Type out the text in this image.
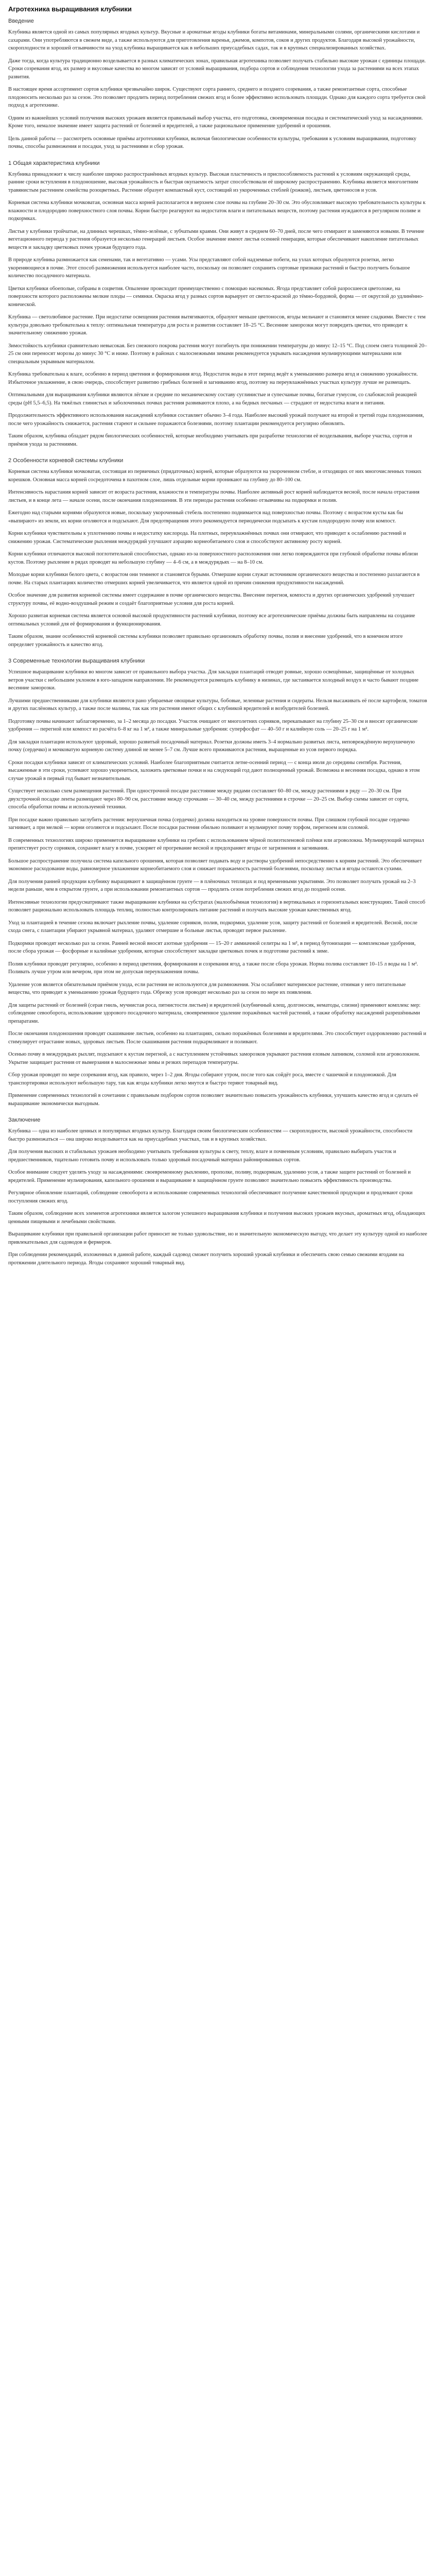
Агротехника выращивания клубники
Введение

Клубника является одной из самых популярных ягодных культур. Вкусные и ароматные ягоды клубники богаты витаминами, минеральными солями, органическими кислотами и сахарами. Они употребляются в свежем виде, а также используются для приготовления варенья, джемов, компотов, соков и других продуктов. Благодаря высокой урожайности, скороплодности и хорошей отзывчивости на уход клубника выращивается как в небольших приусадебных садах, так и в крупных специализированных хозяйствах.

Даже тогда, когда культура традиционно возделывается в разных климатических зонах, правильная агротехника позволяет получать стабильно высокие урожаи с единицы площади. Сроки созревания ягод, их размер и вкусовые качества во многом зависят от условий выращивания, подбора сортов и соблюдения технологии ухода за растениями на всех этапах развития.

В настоящее время ассортимент сортов клубники чрезвычайно широк. Существуют сорта раннего, среднего и позднего созревания, а также ремонтантные сорта, способные плодоносить несколько раз за сезон. Это позволяет продлить период потребления свежих ягод и более эффективно использовать площади. Однако для каждого сорта требуется свой подход к агротехнике.

Одним из важнейших условий получения высоких урожаев является правильный выбор участка, его подготовка, своевременная посадка и систематический уход за насаждениями. Кроме того, немалое значение имеет защита растений от болезней и вредителей, а также рациональное применение удобрений и орошения.

Цель данной работы — рассмотреть основные приёмы агротехники клубники, включая биологические особенности культуры, требования к условиям выращивания, подготовку почвы, способы размножения и посадки, уход за растениями и сбор урожая.

1 Общая характеристика клубники

Клубника принадлежит к числу наиболее широко распространённых ягодных культур. Высокая пластичность и приспособляемость растений к условиям окружающей среды, ранние сроки вступления в плодоношение, высокая урожайность и быстрая окупаемость затрат способствовали её широкому распространению. Клубника является многолетним травянистым растением семейства розоцветных. Растение образует компактный куст, состоящий из укороченных стеблей (рожков), листьев, цветоносов и усов.

Корневая система клубники мочковатая, основная масса корней располагается в верхнем слое почвы на глубине 20–30 см. Это обусловливает высокую требовательность культуры к влажности и плодородию поверхностного слоя почвы. Корни быстро реагируют на недостаток влаги и питательных веществ, поэтому растения нуждаются в регулярном поливе и подкормках.

Листья у клубники тройчатые, на длинных черешках, тёмно-зелёные, с зубчатыми краями. Они живут в среднем 60–70 дней, после чего отмирают и заменяются новыми. В течение вегетационного периода у растения образуется несколько генераций листьев. Особое значение имеют листья осенней генерации, которые обеспечивают накопление питательных веществ и закладку цветковых почек урожая будущего года.

В природе клубника размножается как семенами, так и вегетативно — усами. Усы представляют собой надземные побеги, на узлах которых образуются розетки, легко укореняющиеся в почве. Этот способ размножения используется наиболее часто, поскольку он позволяет сохранить сортовые признаки растений и быстро получить большое количество посадочного материала.

Цветки клубники обоеполые, собраны в соцветия. Опыление происходит преимущественно с помощью насекомых. Ягода представляет собой разросшееся цветоложе, на поверхности которого расположены мелкие плоды — семянки. Окраска ягод у разных сортов варьирует от светло-красной до тёмно-бордовой, форма — от округлой до удлинённо-конической.

Клубника — светолюбивое растение. При недостатке освещения растения вытягиваются, образуют меньше цветоносов, ягоды мельчают и становятся менее сладкими. Вместе с тем культура довольно требовательна к теплу: оптимальная температура для роста и развития составляет 18–25 °C. Весенние заморозки могут повредить цветки, что приводит к значительному снижению урожая.

Зимостойкость клубники сравнительно невысокая. Без снежного покрова растения могут погибнуть при понижении температуры до минус 12–15 °C. Под слоем снега толщиной 20–25 см они переносят морозы до минус 30 °C и ниже. Поэтому в районах с малоснежными зимами рекомендуется укрывать насаждения мульчирующими материалами или специальным укрывным материалом.

Клубника требовательна к влаге, особенно в период цветения и формирования ягод. Недостаток воды в этот период ведёт к уменьшению размера ягод и снижению урожайности. Избыточное увлажнение, в свою очередь, способствует развитию грибных болезней и загниванию ягод, поэтому на переувлажнённых участках культуру лучше не размещать.

Оптимальными для выращивания клубники являются лёгкие и средние по механическому составу суглинистые и супесчаные почвы, богатые гумусом, со слабокислой реакцией среды (pH 5,5–6,5). На тяжёлых глинистых и заболоченных почвах растения развиваются плохо, а на бедных песчаных — страдают от недостатка влаги и питания.

Продолжительность эффективного использования насаждений клубники составляет обычно 3–4 года. Наиболее высокий урожай получают на второй и третий годы плодоношения, после чего урожайность снижается, растения стареют и сильнее поражаются болезнями, поэтому плантации рекомендуется регулярно обновлять.

Таким образом, клубника обладает рядом биологических особенностей, которые необходимо учитывать при разработке технологии её возделывания, выборе участка, сортов и приёмов ухода за растениями.

2 Особенности корневой системы клубники

Корневая система клубники мочковатая, состоящая из первичных (придаточных) корней, которые образуются на укороченном стебле, и отходящих от них многочисленных тонких корешков. Основная масса корней сосредоточена в пахотном слое, лишь отдельные корни проникают на глубину до 80–100 см.

Интенсивность нарастания корней зависит от возраста растения, влажности и температуры почвы. Наиболее активный рост корней наблюдается весной, после начала отрастания листьев, и в конце лета — начале осени, после окончания плодоношения. В эти периоды растения особенно отзывчивы на подкормки и полив.

Ежегодно над старыми корнями образуются новые, поскольку укороченный стебель постепенно поднимается над поверхностью почвы. Поэтому с возрастом кусты как бы «выпирают» из земли, их корни оголяются и подсыхают. Для предотвращения этого рекомендуется периодически подсыпать к кустам плодородную почву или компост.

Корни клубники чувствительны к уплотнению почвы и недостатку кислорода. На плотных, переувлажнённых почвах они отмирают, что приводит к ослаблению растений и снижению урожая. Систематические рыхления междурядий улучшают аэрацию корнеобитаемого слоя и способствуют активному росту корней.

Корни клубники отличаются высокой поглотительной способностью, однако из-за поверхностного расположения они легко повреждаются при глубокой обработке почвы вблизи кустов. Поэтому рыхление в рядах проводят на небольшую глубину — 4–6 см, а в междурядьях — на 8–10 см.

Молодые корни клубники белого цвета, с возрастом они темнеют и становятся бурыми. Отмершие корни служат источником органического вещества и постепенно разлагаются в почве. На старых плантациях количество отмерших корней увеличивается, что является одной из причин снижения продуктивности насаждений.

Особое значение для развития корневой системы имеет содержание в почве органического вещества. Внесение перегноя, компоста и других органических удобрений улучшает структуру почвы, её водно-воздушный режим и создаёт благоприятные условия для роста корней.

Хорошо развитая корневая система является основой высокой продуктивности растений клубники, поэтому все агротехнические приёмы должны быть направлены на создание оптимальных условий для её формирования и функционирования.

Таким образом, знание особенностей корневой системы клубники позволяет правильно организовать обработку почвы, полив и внесение удобрений, что в конечном итоге определяет урожайность и качество ягод.

3 Современные технологии выращивания клубники

Успешное выращивание клубники во многом зависит от правильного выбора участка. Для закладки плантаций отводят ровные, хорошо освещённые, защищённые от холодных ветров участки с небольшим уклоном в юго-западном направлении. Не рекомендуется размещать клубнику в низинах, где застаивается холодный воздух и часто бывают поздние весенние заморозки.

Лучшими предшественниками для клубники являются рано убираемые овощные культуры, бобовые, зеленные растения и сидераты. Нельзя высаживать её после картофеля, томатов и других паслёновых культур, а также после малины, так как эти растения имеют общих с клубникой вредителей и возбудителей болезней.

Подготовку почвы начинают заблаговременно, за 1–2 месяца до посадки. Участок очищают от многолетних сорняков, перекапывают на глубину 25–30 см и вносят органические удобрения — перегной или компост из расчёта 6–8 кг на 1 м², а также минеральные удобрения: суперфосфат — 40–50 г и калийную соль — 20–25 г на 1 м².

Для закладки плантации используют здоровый, хорошо развитый посадочный материал. Розетки должны иметь 3–4 нормально развитых листа, неповреждённую верхушечную почку (сердечко) и мочковатую корневую систему длиной не менее 5–7 см. Лучше всего приживаются растения, выращенные из усов первого порядка.

Сроки посадки клубники зависят от климатических условий. Наиболее благоприятным считается летне-осенний период — с конца июля до середины сентября. Растения, высаженные в эти сроки, успевают хорошо укорениться, заложить цветковые почки и на следующий год дают полноценный урожай. Возможна и весенняя посадка, однако в этом случае урожай в первый год бывает незначительным.

Существует несколько схем размещения растений. При однострочной посадке расстояние между рядами составляет 60–80 см, между растениями в ряду — 20–30 см. При двухстрочной посадке ленты размещают через 80–90 см, расстояние между строчками — 30–40 см, между растениями в строчке — 20–25 см. Выбор схемы зависит от сорта, способа обработки почвы и используемой техники.

При посадке важно правильно заглубить растения: верхушечная почка (сердечко) должна находиться на уровне поверхности почвы. При слишком глубокой посадке сердечко загнивает, а при мелкой — корни оголяются и подсыхают. После посадки растения обильно поливают и мульчируют почву торфом, перегноем или соломой.

В современных технологиях широко применяется выращивание клубники на гребнях с использованием чёрной полиэтиленовой плёнки или агроволокна. Мульчирующий материал препятствует росту сорняков, сохраняет влагу в почве, ускоряет её прогревание весной и предохраняет ягоды от загрязнения и загнивания.

Большое распространение получила система капельного орошения, которая позволяет подавать воду и растворы удобрений непосредственно к корням растений. Это обеспечивает экономное расходование воды, равномерное увлажнение корнеобитаемого слоя и снижает поражаемость растений болезнями, поскольку листья и ягоды остаются сухими.

Для получения ранней продукции клубнику выращивают в защищённом грунте — в плёночных теплицах и под временными укрытиями. Это позволяет получать урожай на 2–3 недели раньше, чем в открытом грунте, а при использовании ремонтантных сортов — продлить сезон потребления свежих ягод до поздней осени.

Интенсивные технологии предусматривают также выращивание клубники на субстратах (малообъёмная технология) в вертикальных и горизонтальных конструкциях. Такой способ позволяет рационально использовать площадь теплиц, полностью контролировать питание растений и получать высокие урожаи качественных ягод.

Уход за плантацией в течение сезона включает рыхление почвы, удаление сорняков, полив, подкормки, удаление усов, защиту растений от болезней и вредителей. Весной, после схода снега, с плантации убирают укрывной материал, удаляют отмершие и больные листья, проводят первое рыхление.

Подкормки проводят несколько раз за сезон. Ранней весной вносят азотные удобрения — 15–20 г аммиачной селитры на 1 м², в период бутонизации — комплексные удобрения, после сбора урожая — фосфорные и калийные удобрения, которые способствуют закладке цветковых почек и подготовке растений к зиме.

Полив клубники проводят регулярно, особенно в период цветения, формирования и созревания ягод, а также после сбора урожая. Норма полива составляет 10–15 л воды на 1 м². Поливать лучше утром или вечером, при этом не допуская переувлажнения почвы.

Удаление усов является обязательным приёмом ухода, если растения не используются для размножения. Усы ослабляют материнское растение, отнимая у него питательные вещества, что приводит к уменьшению урожая будущего года. Обрезку усов проводят несколько раз за сезон по мере их появления.

Для защиты растений от болезней (серая гниль, мучнистая роса, пятнистости листьев) и вредителей (клубничный клещ, долгоносик, нематоды, слизни) применяют комплекс мер: соблюдение севооборота, использование здорового посадочного материала, своевременное удаление поражённых частей растений, а также обработку насаждений разрешёнными препаратами.

После окончания плодоношения проводят скашивание листьев, особенно на плантациях, сильно поражённых болезнями и вредителями. Это способствует оздоровлению растений и стимулирует отрастание новых, здоровых листьев. После скашивания растения подкармливают и поливают.

Осенью почву в междурядьях рыхлят, подсыпают к кустам перегной, а с наступлением устойчивых заморозков укрывают растения еловым лапником, соломой или агроволокном. Укрытие защищает растения от вымерзания в малоснежные зимы и резких перепадов температуры.

Сбор урожая проводят по мере созревания ягод, как правило, через 1–2 дня. Ягоды собирают утром, после того как сойдёт роса, вместе с чашечкой и плодоножкой. Для транспортировки используют небольшую тару, так как ягоды клубники легко мнутся и быстро теряют товарный вид.

Применение современных технологий в сочетании с правильным подбором сортов позволяет значительно повысить урожайность клубники, улучшить качество ягод и сделать её выращивание экономически выгодным.

Заключение

Клубника — одна из наиболее ценных и популярных ягодных культур. Благодаря своим биологическим особенностям — скороплодности, высокой урожайности, способности быстро размножаться — она широко возделывается как на приусадебных участках, так и в крупных хозяйствах.

Для получения высоких и стабильных урожаев необходимо учитывать требования культуры к свету, теплу, влаге и почвенным условиям, правильно выбирать участок и предшественников, тщательно готовить почву и использовать только здоровый посадочный материал районированных сортов.

Особое внимание следует уделять уходу за насаждениями: своевременному рыхлению, прополке, поливу, подкормкам, удалению усов, а также защите растений от болезней и вредителей. Применение мульчирования, капельного орошения и выращивание в защищённом грунте позволяют значительно повысить эффективность производства.

Регулярное обновление плантаций, соблюдение севооборота и использование современных технологий обеспечивают получение качественной продукции и продлевают сроки поступления свежих ягод.

Таким образом, соблюдение всех элементов агротехники является залогом успешного выращивания клубники и получения высоких урожаев вкусных, ароматных ягод, обладающих ценными пищевыми и лечебными свойствами.

Выращивание клубники при правильной организации работ приносит не только удовольствие, но и значительную экономическую выгоду, что делает эту культуру одной из наиболее привлекательных для садоводов и фермеров.

При соблюдении рекомендаций, изложенных в данной работе, каждый садовод сможет получить хороший урожай клубники и обеспечить свою семью свежими ягодами на протяжении длительного периода. Ягоды сохраняют хороший товарный вид.
